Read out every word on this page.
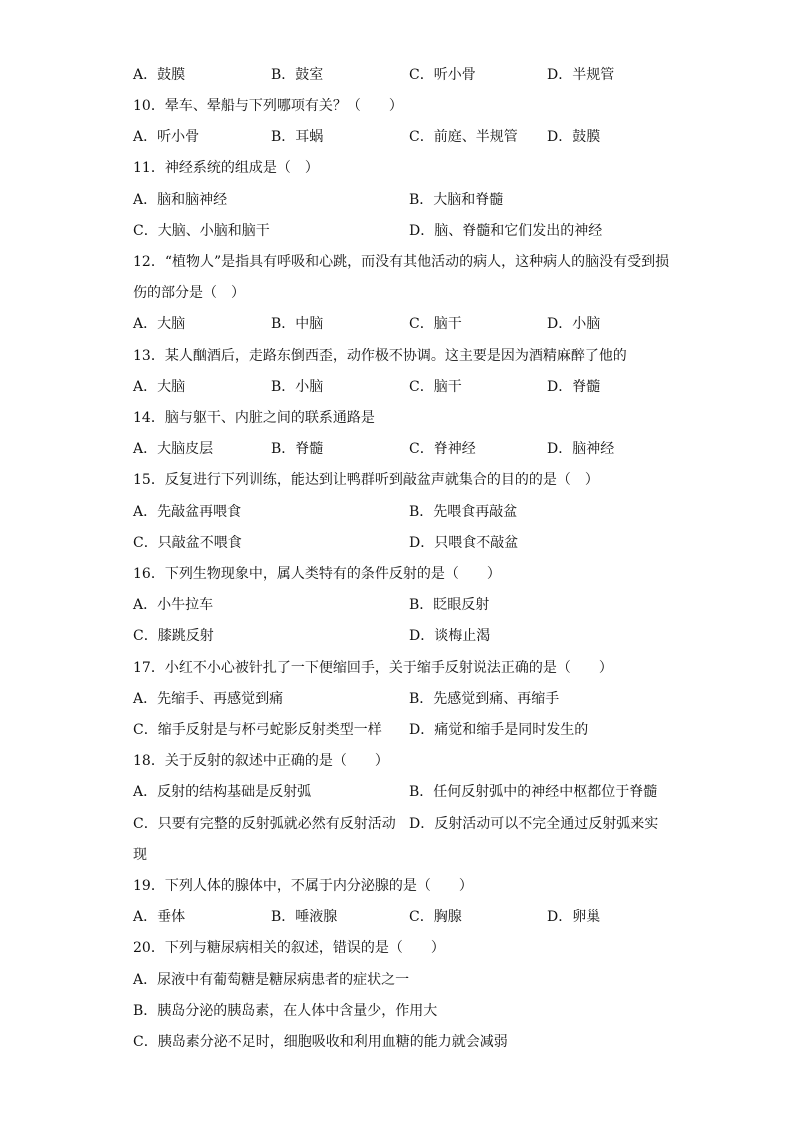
A．鼓膜	B．鼓室	C．听小骨	D．半规管
10．晕车、晕船与下列哪项有关？（　　）
A．听小骨	B．耳蜗	C．前庭、半规管 D．鼓膜
11．神经系统的组成是（　）
A．脑和脑神经	B．大脑和脊髓
C．大脑、小脑和脑干	D．脑、脊髓和它们发出的神经
12．“植物人”是指具有呼吸和心跳，而没有其他活动的病人，这种病人的脑没有受到损
伤的部分是（　）
A．大脑	B．中脑	C．脑干	D．小脑
13．某人酗酒后，走路东倒西歪，动作极不协调。这主要是因为酒精麻醉了他的
A．大脑	B．小脑	C．脑干	D．脊髓
14．脑与躯干、内脏之间的联系通路是
A．大脑皮层	B．脊髓	C．脊神经	D．脑神经
15．反复进行下列训练，能达到让鸭群听到敲盆声就集合的目的的是（　）
A．先敲盆再喂食	B．先喂食再敲盆
C．只敲盆不喂食	D．只喂食不敲盆
16．下列生物现象中，属人类特有的条件反射的是（　　）
A．小牛拉车	B．眨眼反射
C．膝跳反射	D．谈梅止渴
17．小红不小心被针扎了一下便缩回手，关于缩手反射说法正确的是（　　）
A．先缩手、再感觉到痛	B．先感觉到痛、再缩手
C．缩手反射是与杯弓蛇影反射类型一样 D．痛觉和缩手是同时发生的
18．关于反射的叙述中正确的是（　　）
A．反射的结构基础是反射弧	B．任何反射弧中的神经中枢都位于脊髓
C．只要有完整的反射弧就必然有反射活动 D．反射活动可以不完全通过反射弧来实
现
19．下列人体的腺体中，不属于内分泌腺的是（　　）
A．垂体	B．唾液腺	C．胸腺	D．卵巢
20．下列与糖尿病相关的叙述，错误的是（　　）
A．尿液中有葡萄糖是糖尿病患者的症状之一
B．胰岛分泌的胰岛素，在人体中含量少，作用大
C．胰岛素分泌不足时，细胞吸收和利用血糖的能力就会减弱
